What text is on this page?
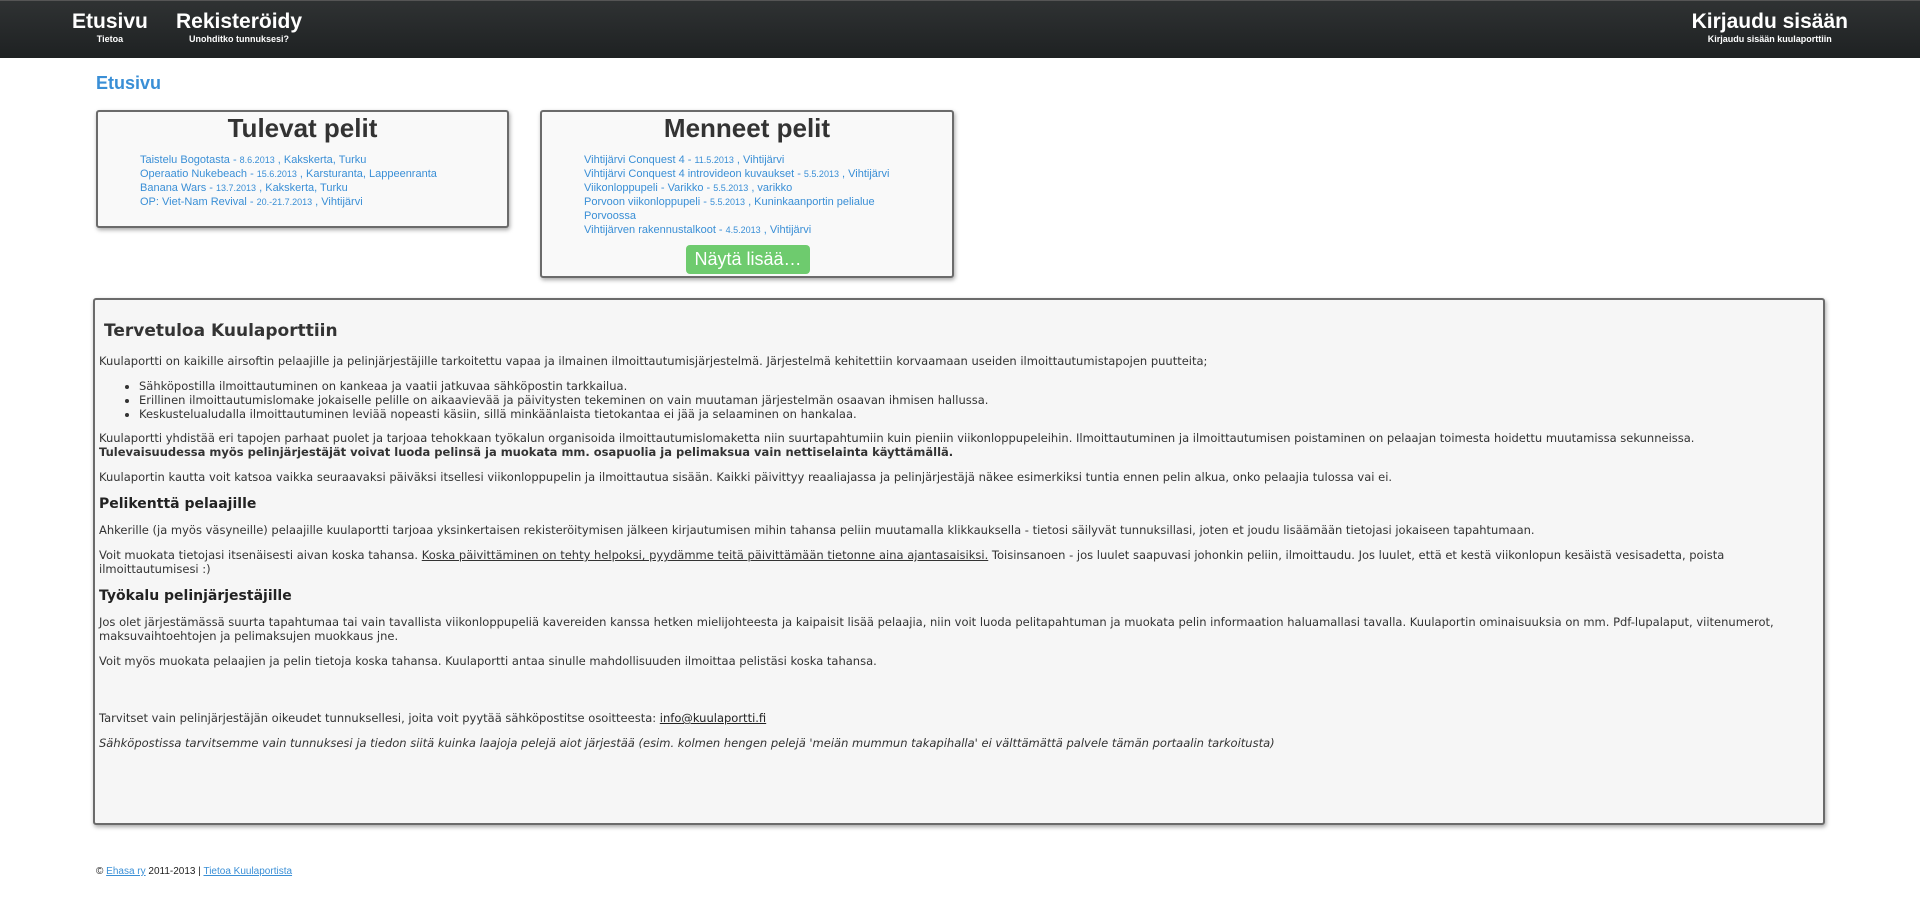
Etusivu
Tietoa
Rekisteröidy
Unohditko tunnuksesi?
Kirjaudu sisään
Kirjaudu sisään kuulaporttiin
Etusivu
Tulevat pelit
Taistelu Bogotasta - 8.6.2013 , Kakskerta, Turku
Operaatio Nukebeach - 15.6.2013 , Karsturanta, Lappeenranta
Banana Wars - 13.7.2013 , Kakskerta, Turku
OP: Viet-Nam Revival - 20.-21.7.2013 , Vihtijärvi
Menneet pelit
Vihtijärvi Conquest 4 - 11.5.2013 , Vihtijärvi
Vihtijärvi Conquest 4 introvideon kuvaukset - 5.5.2013 , Vihtijärvi
Viikonloppupeli - Varikko - 5.5.2013 , varikko
Porvoon viikonloppupeli - 5.5.2013 , Kuninkaanportin pelialue Porvoossa
Vihtijärven rakennustalkoot - 4.5.2013 , Vihtijärvi
Näytä lisää…
Tervetuloa Kuulaporttiin

Kuulaportti on kaikille airsoftin pelaajille ja pelinjärjestäjille tarkoitettu vapaa ja ilmainen ilmoittautumisjärjestelmä. Järjestelmä kehitettiin korvaamaan useiden ilmoittautumistapojen puutteita;

• Sähköpostilla ilmoittautuminen on kankeaa ja vaatii jatkuvaa sähköpostin tarkkailua.
• Erillinen ilmoittautumislomake jokaiselle pelille on aikaavievää ja päivitysten tekeminen on vain muutaman järjestelmän osaavan ihmisen hallussa.
• Keskustelualudalla ilmoittautuminen leviää nopeasti käsiin, sillä minkäänlaista tietokantaa ei jää ja selaaminen on hankalaa.

Kuulaportti yhdistää eri tapojen parhaat puolet ja tarjoaa tehokkaan työkalun organisoida ilmoittautumislomaketta niin suurtapahtumiin kuin pieniin viikonloppupeleihin. Ilmoittautuminen ja ilmoittautumisen poistaminen on pelaajan toimesta hoidettu muutamissa sekunneissa.
Tulevaisuudessa myös pelinjärjestäjät voivat luoda pelinsä ja muokata mm. osapuolia ja pelimaksua vain nettiselainta käyttämällä.

Kuulaportin kautta voit katsoa vaikka seuraavaksi päiväksi itsellesi viikonloppupelin ja ilmoittautua sisään. Kaikki päivittyy reaaliajassa ja pelinjärjestäjä näkee esimerkiksi tuntia ennen pelin alkua, onko pelaajia tulossa vai ei.

Pelikenttä pelaajille

Ahkerille (ja myös väsyneille) pelaajille kuulaportti tarjoaa yksinkertaisen rekisteröitymisen jälkeen kirjautumisen mihin tahansa peliin muutamalla klikkauksella - tietosi säilyvät tunnuksillasi, joten et joudu lisäämään tietojasi jokaiseen tapahtumaan.

Voit muokata tietojasi itsenäisesti aivan koska tahansa. Koska päivittäminen on tehty helpoksi, pyydämme teitä päivittämään tietonne aina ajantasaisiksi. Toisinsanoen - jos luulet saapuvasi johonkin peliin, ilmoittaudu. Jos luulet, että et kestä viikonlopun kesäistä vesisadetta, poista ilmoittautumisesi :)

Työkalu pelinjärjestäjille

Jos olet järjestämässä suurta tapahtumaa tai vain tavallista viikonloppupeliä kavereiden kanssa hetken mielijohteesta ja kaipaisit lisää pelaajia, niin voit luoda pelitapahtuman ja muokata pelin informaation haluamallasi tavalla. Kuulaportin ominaisuuksia on mm. Pdf-lupalaput, viitenumerot, maksuvaihtoehtojen ja pelimaksujen muokkaus jne.

Voit myös muokata pelaajien ja pelin tietoja koska tahansa. Kuulaportti antaa sinulle mahdollisuuden ilmoittaa pelistäsi koska tahansa.

Tarvitset vain pelinjärjestäjän oikeudet tunnuksellesi, joita voit pyytää sähköpostitse osoitteesta: info@kuulaportti.fi

Sähköpostissa tarvitsemme vain tunnuksesi ja tiedon siitä kuinka laajoja pelejä aiot järjestää (esim. kolmen hengen pelejä 'meiän mummun takapihalla' ei välttämättä palvele tämän portaalin tarkoitusta)

© Ehasa ry 2011-2013 | Tietoa Kuulaportista
